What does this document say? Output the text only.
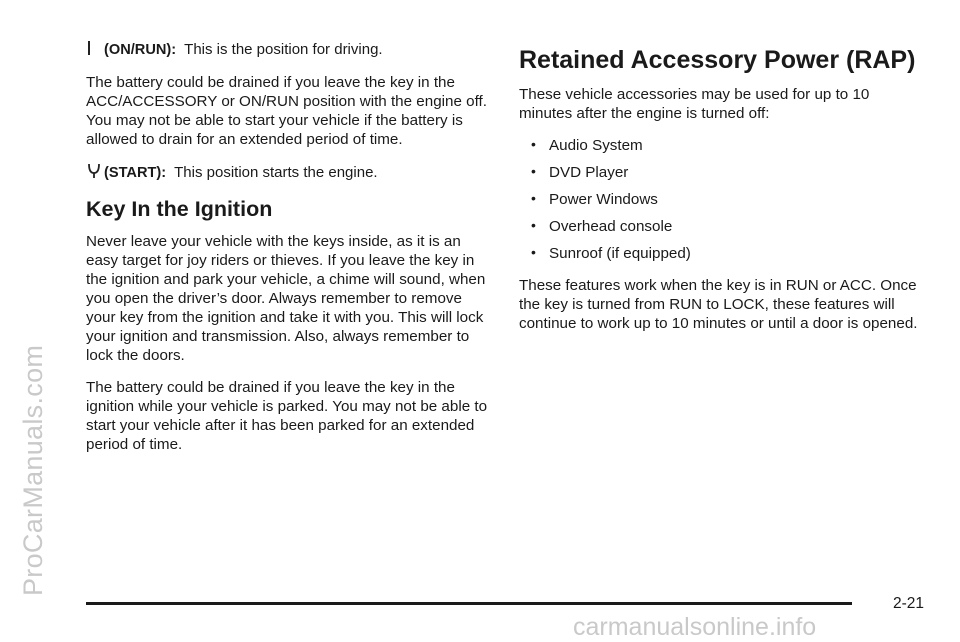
ProCarManuals.com
(ON/RUN): This is the position for driving.

The battery could be drained if you leave the key in the ACC/ACCESSORY or ON/RUN position with the engine off. You may not be able to start your vehicle if the battery is allowed to drain for an extended period of time.

(START): This position starts the engine.
Key In the Ignition

Never leave your vehicle with the keys inside, as it is an easy target for joy riders or thieves. If you leave the key in the ignition and park your vehicle, a chime will sound, when you open the driver’s door. Always remember to remove your key from the ignition and take it with you. This will lock your ignition and transmission. Also, always remember to lock the doors.

The battery could be drained if you leave the key in the ignition while your vehicle is parked. You may not be able to start your vehicle after it has been parked for an extended period of time.

Retained Accessory Power (RAP)

These vehicle accessories may be used for up to 10 minutes after the engine is turned off:

• Audio System
• DVD Player
• Power Windows
• Overhead console
• Sunroof (if equipped)

These features work when the key is in RUN or ACC. Once the key is turned from RUN to LOCK, these features will continue to work up to 10 minutes or until a door is opened.

2-21
carmanualsonline.info
